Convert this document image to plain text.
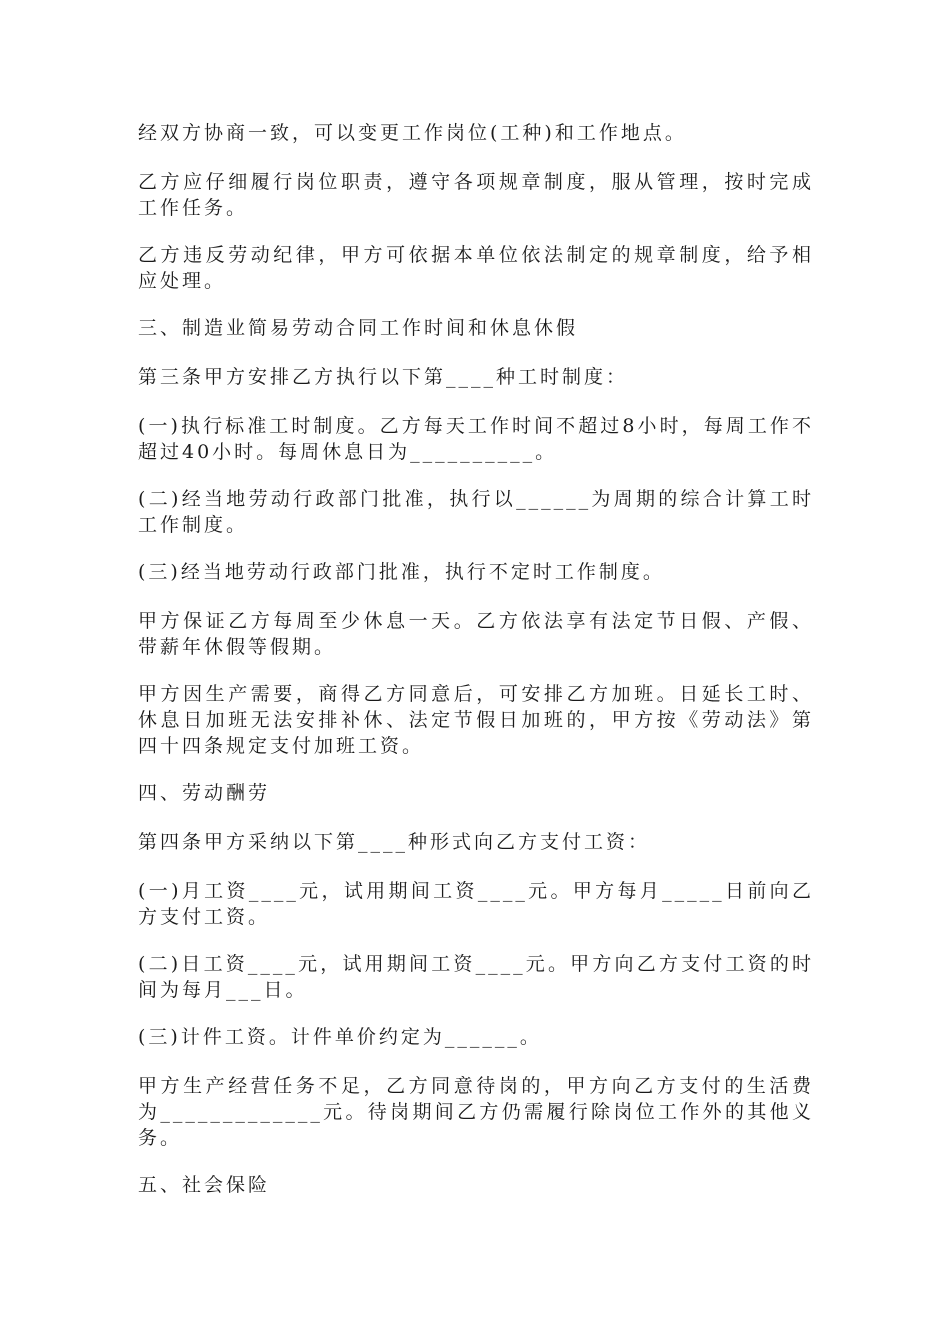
经双方协商一致，可以变更工作岗位(工种)和工作地点。

乙方应仔细履行岗位职责，遵守各项规章制度，服从管理，按时完成工作任务。

乙方违反劳动纪律，甲方可依据本单位依法制定的规章制度，给予相应处理。

三、制造业简易劳动合同工作时间和休息休假

第三条甲方安排乙方执行以下第____种工时制度：

(一)执行标准工时制度。乙方每天工作时间不超过8小时，每周工作不超过40小时。每周休息日为__________。

(二)经当地劳动行政部门批准，执行以______为周期的综合计算工时工作制度。

(三)经当地劳动行政部门批准，执行不定时工作制度。

甲方保证乙方每周至少休息一天。乙方依法享有法定节日假、产假、带薪年休假等假期。

甲方因生产需要，商得乙方同意后，可安排乙方加班。日延长工时、休息日加班无法安排补休、法定节假日加班的，甲方按《劳动法》第四十四条规定支付加班工资。

四、劳动酬劳

第四条甲方采纳以下第____种形式向乙方支付工资：

(一)月工资____元，试用期间工资____元。甲方每月_____日前向乙方支付工资。

(二)日工资____元，试用期间工资____元。甲方向乙方支付工资的时间为每月___日。

(三)计件工资。计件单价约定为______。

甲方生产经营任务不足，乙方同意待岗的，甲方向乙方支付的生活费为_____________元。待岗期间乙方仍需履行除岗位工作外的其他义务。

五、社会保险
